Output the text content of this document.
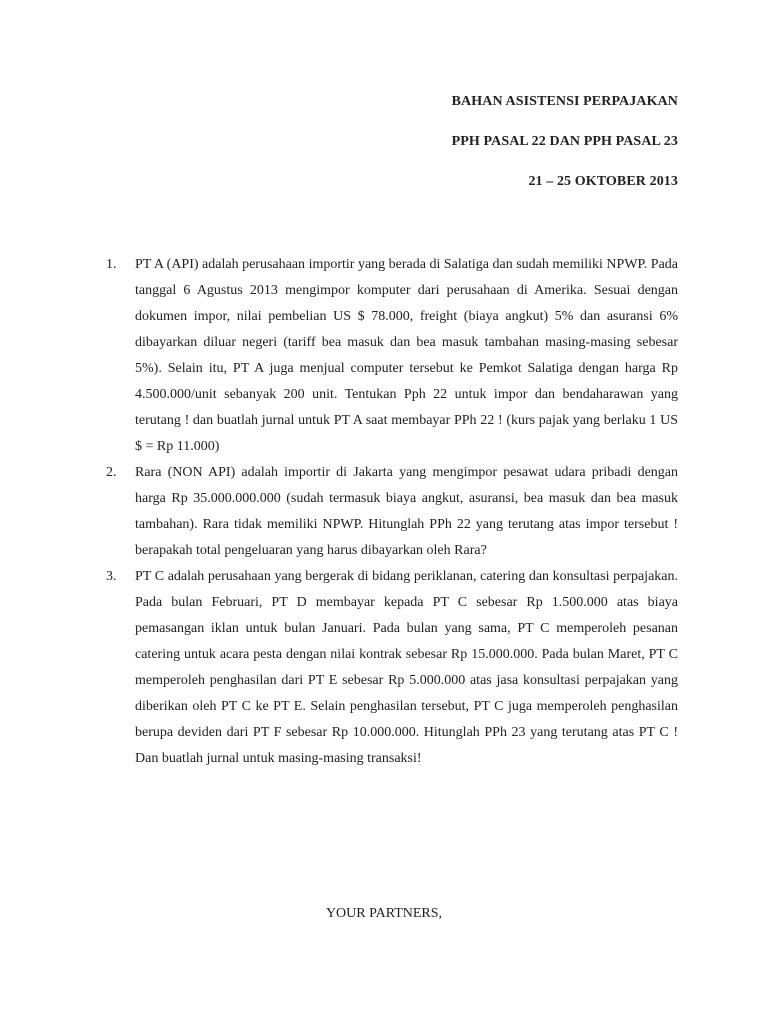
BAHAN ASISTENSI PERPAJAKAN
PPH PASAL 22 DAN PPH PASAL 23
21 – 25 OKTOBER 2013
1. PT A (API) adalah perusahaan importir yang berada di Salatiga dan sudah memiliki NPWP. Pada tanggal 6 Agustus 2013 mengimpor komputer dari perusahaan di Amerika. Sesuai dengan dokumen impor, nilai pembelian US $ 78.000, freight (biaya angkut) 5% dan asuransi 6% dibayarkan diluar negeri (tariff bea masuk dan bea masuk tambahan masing-masing sebesar 5%). Selain itu, PT A juga menjual computer tersebut ke Pemkot Salatiga dengan harga Rp 4.500.000/unit sebanyak 200 unit. Tentukan Pph 22 untuk impor dan bendaharawan yang terutang ! dan buatlah jurnal untuk PT A saat membayar PPh 22 ! (kurs pajak yang berlaku 1 US $ = Rp 11.000)
2. Rara (NON API) adalah importir di Jakarta yang mengimpor pesawat udara pribadi dengan harga Rp 35.000.000.000 (sudah termasuk biaya angkut, asuransi, bea masuk dan bea masuk tambahan). Rara tidak memiliki NPWP. Hitunglah PPh 22 yang terutang atas impor tersebut ! berapakah total pengeluaran yang harus dibayarkan oleh Rara?
3. PT C adalah perusahaan yang bergerak di bidang periklanan, catering dan konsultasi perpajakan. Pada bulan Februari, PT D membayar kepada PT C sebesar Rp 1.500.000 atas biaya pemasangan iklan untuk bulan Januari. Pada bulan yang sama, PT C memperoleh pesanan catering untuk acara pesta dengan nilai kontrak sebesar Rp 15.000.000. Pada bulan Maret, PT C memperoleh penghasilan dari PT E sebesar Rp 5.000.000 atas jasa konsultasi perpajakan yang diberikan oleh PT C ke PT E. Selain penghasilan tersebut, PT C juga memperoleh penghasilan berupa deviden dari PT F sebesar Rp 10.000.000. Hitunglah PPh 23 yang terutang atas PT C ! Dan buatlah jurnal untuk masing-masing transaksi!
YOUR PARTNERS,
